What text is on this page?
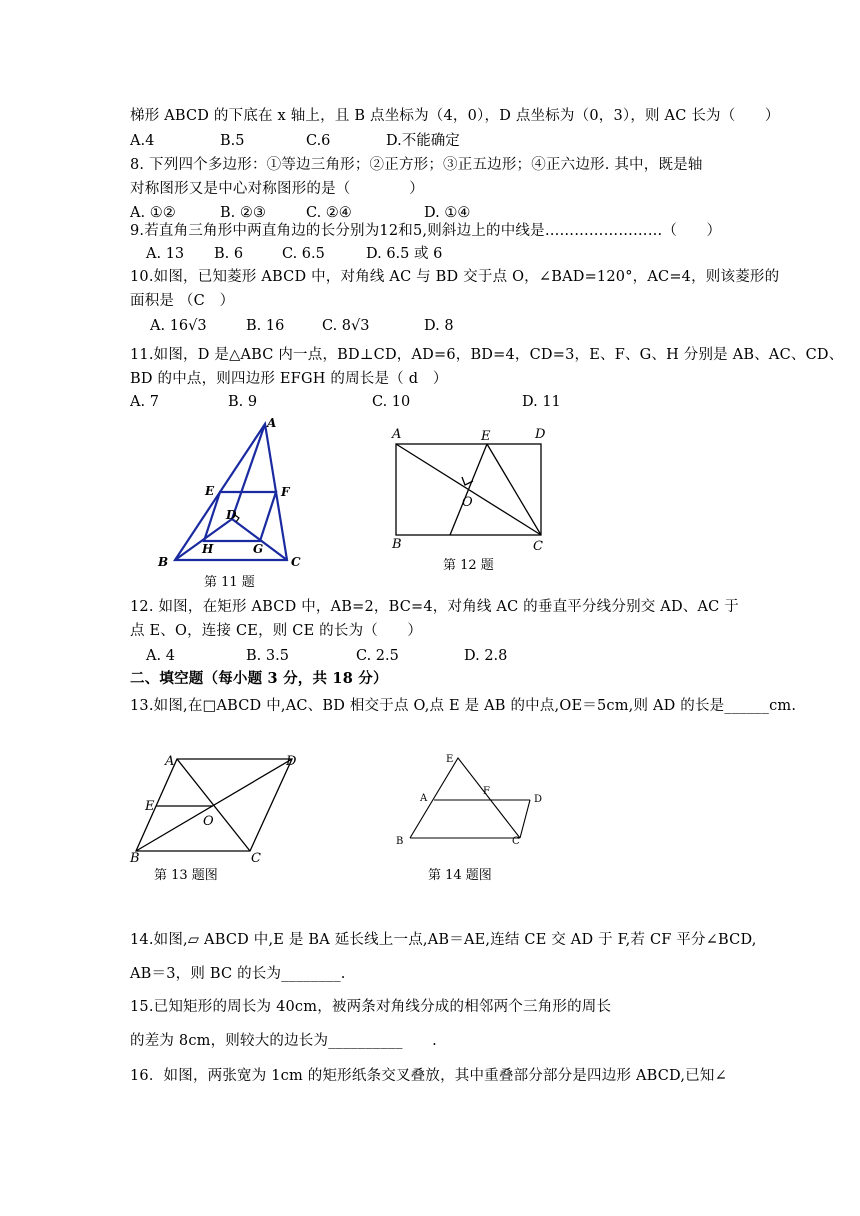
梯形 ABCD 的下底在 x 轴上，且 B 点坐标为（4，0），D 点坐标为（0，3），则 AC 长为（　　）
A.4	B.5	C.6	D.不能确定
8. 下列四个多边形：①等边三角形；②正方形；③正五边形；④正六边形. 其中，既是轴
对称图形又是中心对称图形的是（　　　　）
A. ①②	B. ②③	C. ②④	D. ①④
9.若直角三角形中两直角边的长分别为12和5,则斜边上的中线是……………………（　　）
A. 13 B. 6	C. 6.5	D. 6.5 或 6
10.如图，已知菱形 ABCD 中，对角线 AC 与 BD 交于点 O，∠BAD=120°，AC=4，则该菱形的
面积是 （C　）
A. 16√3	B. 16	C. 8√3	D. 8
11.如图，D 是△ABC 内一点，BD⊥CD，AD=6，BD=4，CD=3，E、F、G、H 分别是 AB、AC、CD、
BD 的中点，则四边形 EFGH 的周长是（ d　）
A. 7	B. 9	C. 10	D. 11
A
B	C
D
E	F
G
H
第 11 题
A	E	D
B	C
O
第 12 题
12. 如图，在矩形 ABCD 中，AB=2，BC=4，对角线 AC 的垂直平分线分别交 AD、AC 于
点 E、O，连接 CE，则 CE 的长为（　　）
A. 4	B. 3.5	C. 2.5	D. 2.8
二、填空题（每小题 3 分，共 18 分）
13.如图,在□ABCD 中,AC、BD 相交于点 O,点 E 是 AB 的中点,OE＝5cm,则 AD 的长是______cm.
A	D
E
O
B	C
第 13 题图
E
A
F
D
B	C
第 14 题图
14.如图,▱ ABCD 中,E 是 BA 延长线上一点,AB＝AE,连结 CE 交 AD 于 F,若 CF 平分∠BCD,
AB＝3，则 BC 的长为________.
15.已知矩形的周长为 40cm，被两条对角线分成的相邻两个三角形的周长
的差为 8cm，则较大的边长为__________　　.
16．如图，两张宽为 1cm 的矩形纸条交叉叠放，其中重叠部分部分是四边形 ABCD,已知∠
